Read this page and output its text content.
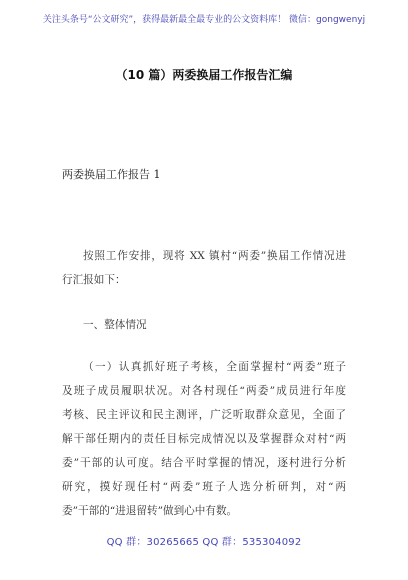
关注头条号“公文研究”，获得最新最全最专业的公文资料库！ 微信：gongwenyj
（10 篇）两委换届工作报告汇编
两委换届工作报告 1
按照工作安排，现将 XX 镇村“两委”换届工作情况进
行汇报如下：
一、整体情况
（一）认真抓好班子考核，全面掌握村“两委”班子
及班子成员履职状况。对各村现任“两委”成员进行年度
考核、民主评议和民主测评，广泛听取群众意见，全面了
解干部任期内的责任目标完成情况以及掌握群众对村“两
委”干部的认可度。结合平时掌握的情况，逐村进行分析
研究，摸好现任村“两委”班子人选分析研判，对“两
委”干部的“进退留转”做到心中有数。
QQ 群：30265665 QQ 群：535304092
